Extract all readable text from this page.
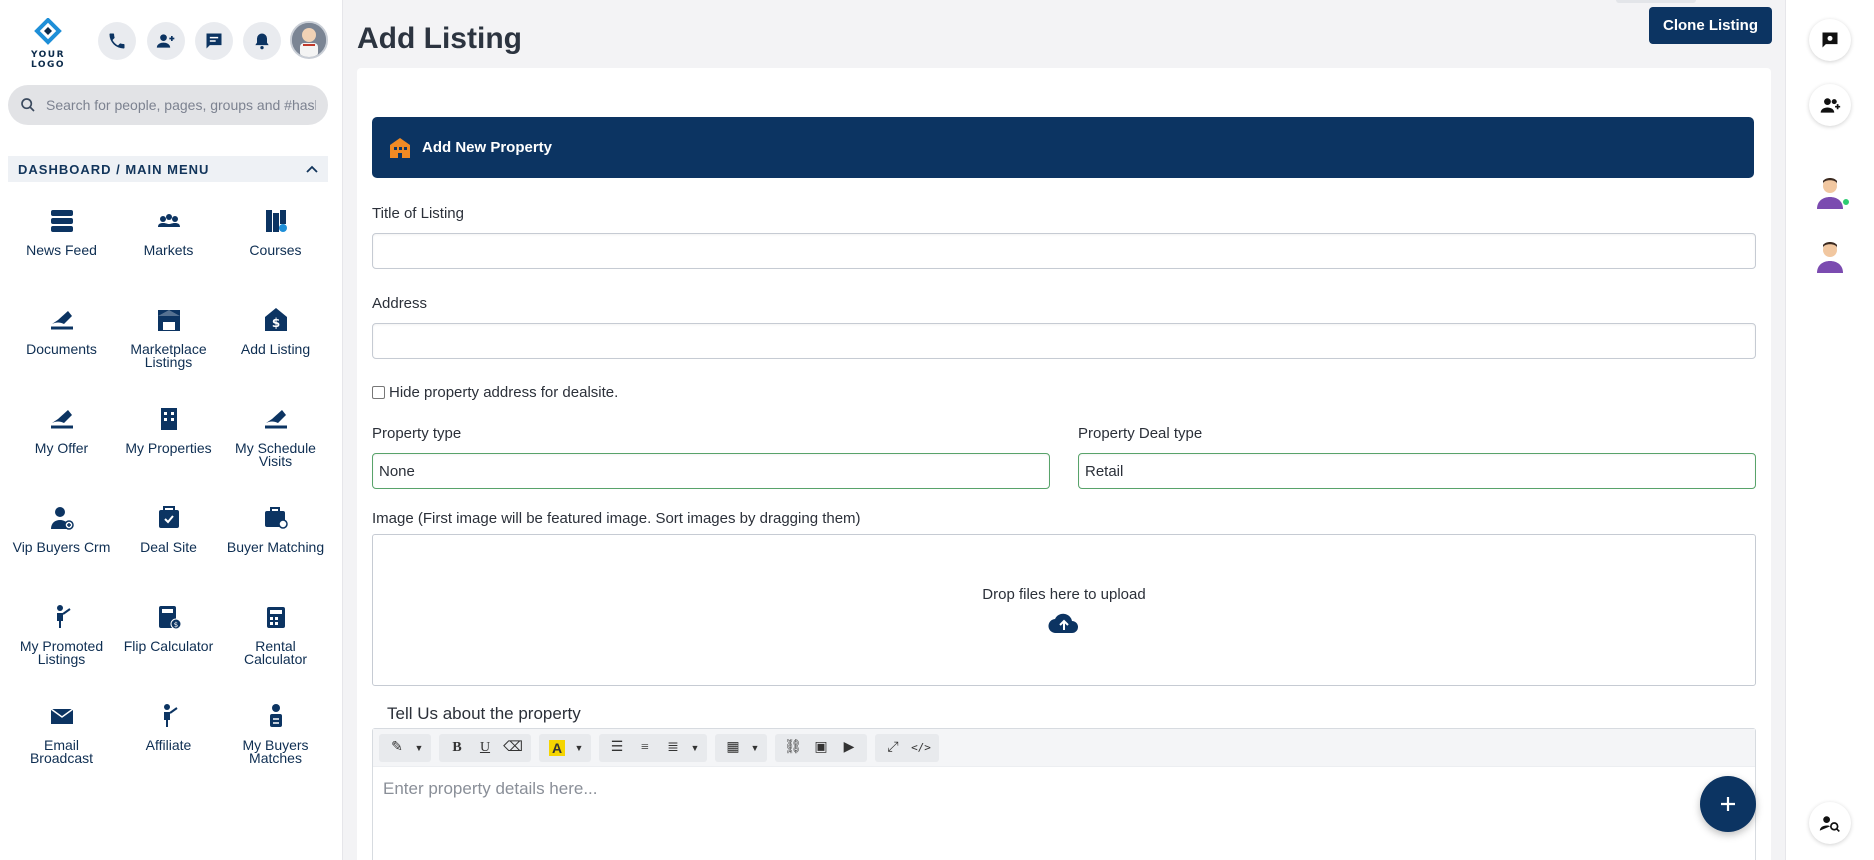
YOUR LOGO
Search for people, pages, groups and #hashtags
DASHBOARD / MAIN MENU
News Feed	Markets	Courses
Documents	Marketplace Listings
$
Add Listing
My Offer	My Properties	My Schedule Visits
Vip Buyers Crm	Deal Site	Buyer Matching
My Promoted Listings
$
Flip Calculator	Rental Calculator
Email Broadcast
Affiliate	My Buyers Matches
Add Listing	Clone Listing
Add New Property
Title of Listing
Address
Hide property address for dealsite.
Property type
None
Property Deal type
Retail
Image (First image will be featured image. Sort images by dragging them)
Drop files here to upload
Tell Us about the property
✎	▼	B	U ⌫ A	▼	☰	≡	≣	▼	▦	▼	⛓ ▣	▶	⤢	</>
Enter property details here...
